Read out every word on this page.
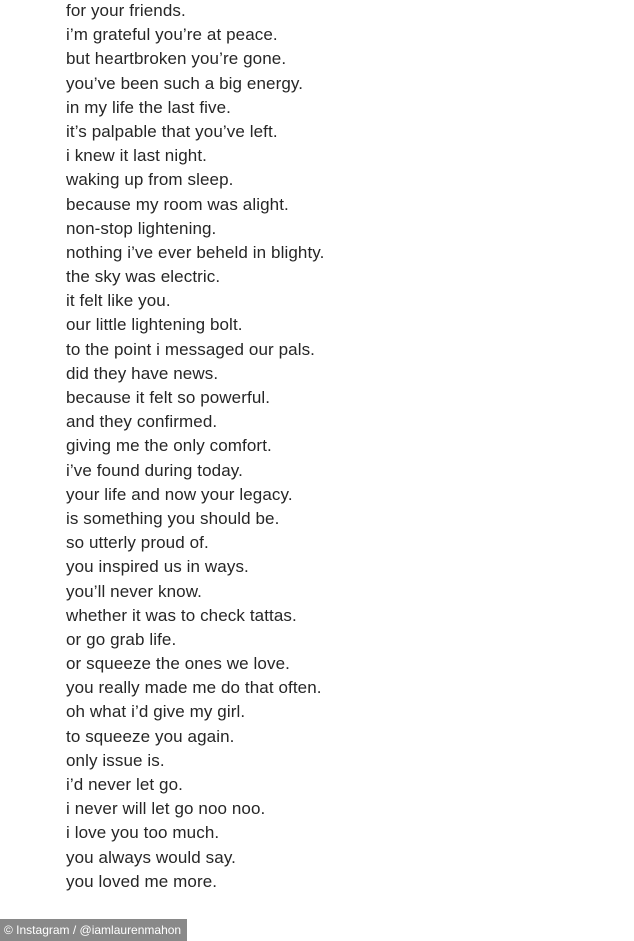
for your friends.
i’m grateful you’re at peace.
but heartbroken you’re gone.
you’ve been such a big energy.
in my life the last five.
it’s palpable that you’ve left.
i knew it last night.
waking up from sleep.
because my room was alight.
non-stop lightening.
nothing i’ve ever beheld in blighty.
the sky was electric.
it felt like you.
our little lightening bolt.
to the point i messaged our pals.
did they have news.
because it felt so powerful.
and they confirmed.
giving me the only comfort.
i’ve found during today.
your life and now your legacy.
is something you should be.
so utterly proud of.
you inspired us in ways.
you’ll never know.
whether it was to check tattas.
or go grab life.
or squeeze the ones we love.
you really made me do that often.
oh what i’d give my girl.
to squeeze you again.
only issue is.
i’d never let go.
i never will let go noo noo.
i love you too much.
you always would say.
you loved me more.
© Instagram / @iamlaurenmahon
